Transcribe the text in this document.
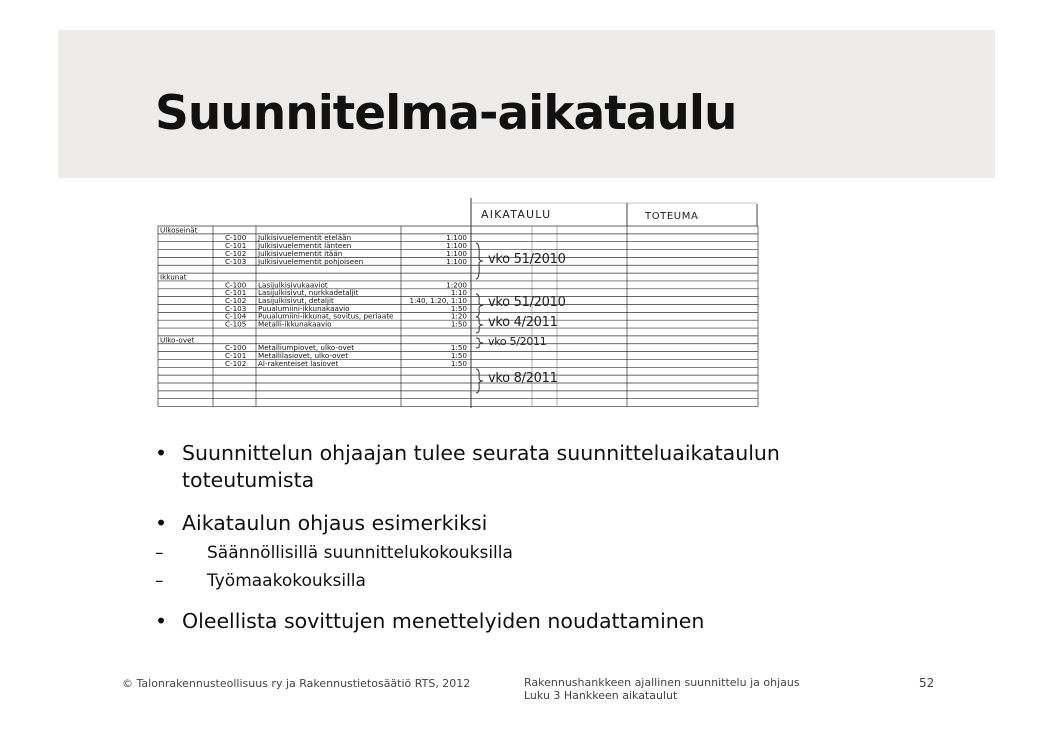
Suunnitelma-aikataulu
AIKATAULU	TOTEUMA
Ulkoseinät
C-100 Julkisivuelementit etelään	1:100
C-101 Julkisivuelementit länteen	1:100
C-102 Julkisivuelementit itään	1:100
C-103 Julkisivuelementit pohjoiseen	1:100
Ikkunat
C-100 Lasijulkisivukaaviot	1:200
C-101 Lasijulkisivut, nurkkadetaljit	1:10
C-102 Lasijulkisivut, detaljit	1:40, 1:20, 1:10
C-103 Puualumiini-ikkunakaavio	1:50
C-104 Puualumiini-ikkunat, sovitus, periaate	1:20
C-105 Metalli-ikkunakaavio	1:50
Ulko-ovet
C-100 Metalliumpiovet, ulko-ovet	1:50
C-101 Metallilasiovet, ulko-ovet	1:50
C-102 Al-rakenteiset lasiovet	1:50
vko 51/2010
vko 51/2010
vko 4/2011
vko 5/2011
vko 8/2011
• Suunnittelun ohjaajan tulee seurata suunnitteluaikataulun toteutumista
• Aikataulun ohjaus esimerkiksi
–	Säännöllisillä suunnittelukokouksilla
–	Työmaakokouksilla
• Oleellista sovittujen menettelyiden noudattaminen
© Talonrakennusteollisuus ry ja Rakennustietosäätiö RTS, 2012	Rakennushankkeen ajallinen suunnittelu ja ohjaus
Luku 3 Hankkeen aikataulut
52
